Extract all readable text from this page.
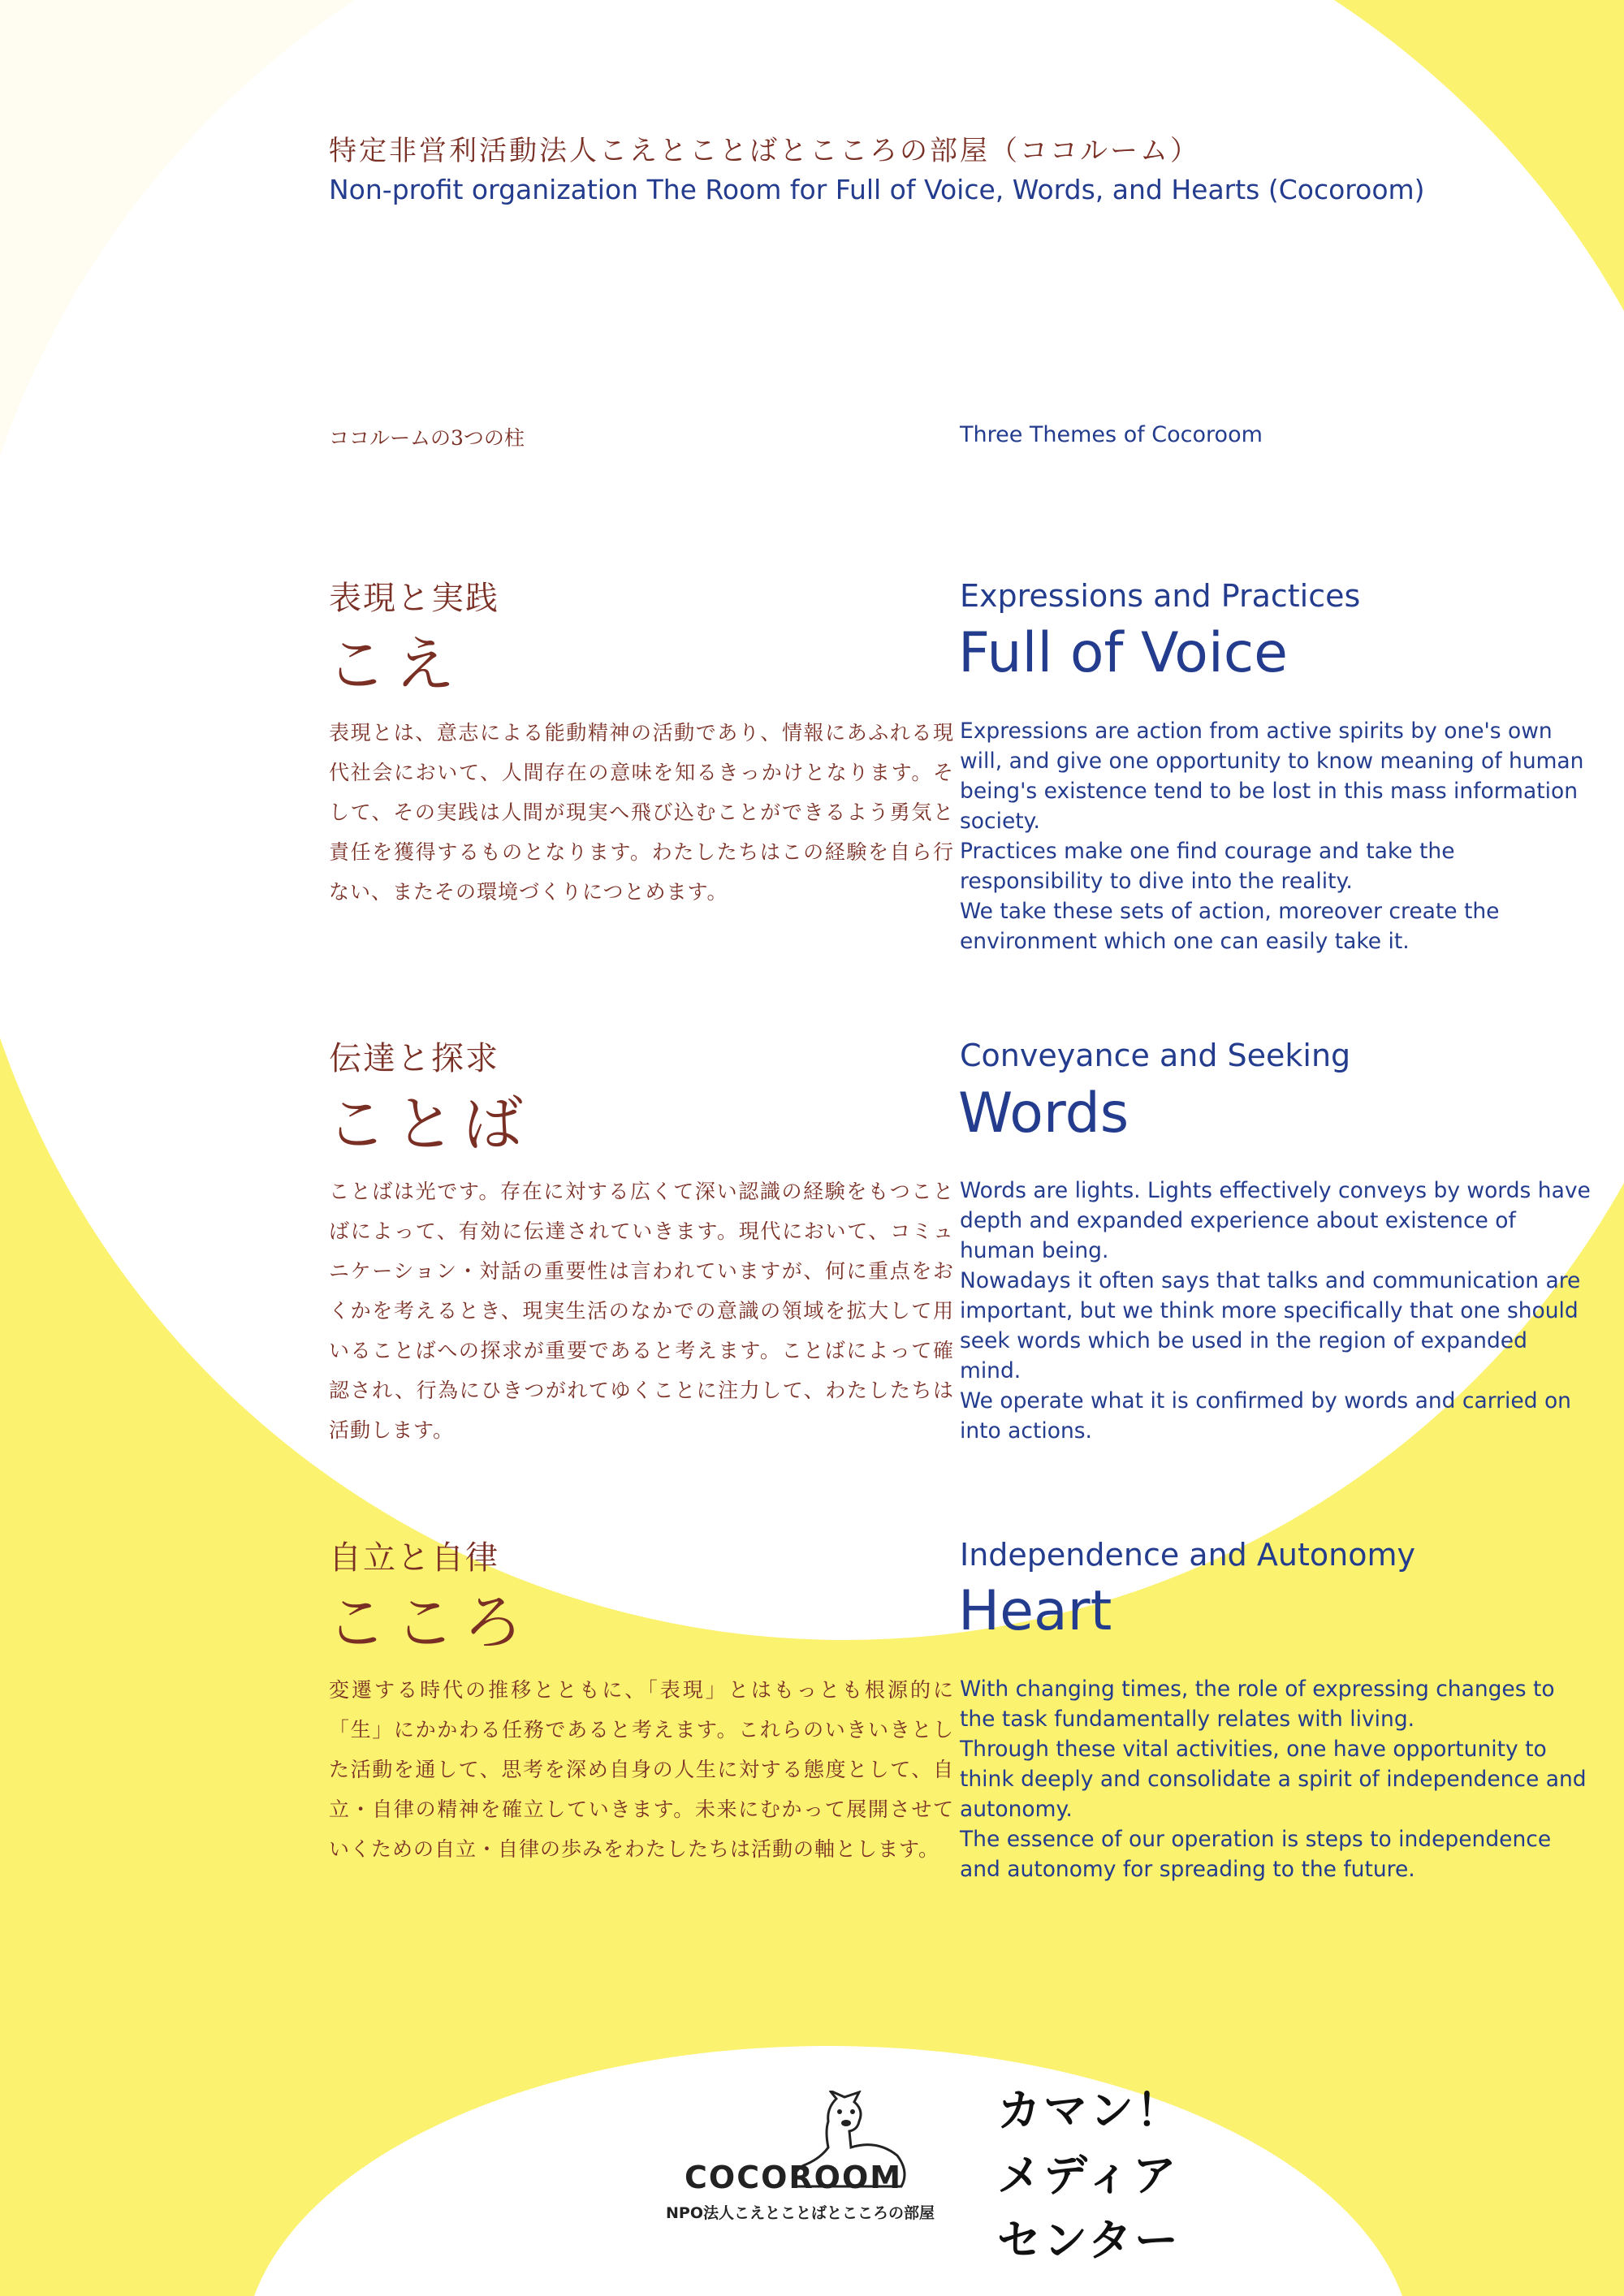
特定非営利活動法人こえとことばとこころの部屋（ココルーム）
Non-profit organization The Room for Full of Voice, Words, and Hearts (Cocoroom)
ココルームの3つの柱	Three Themes of Cocoroom
表現と実践
こえ
Expressions and Practices
Full of Voice
表現とは、意志による能動精神の活動であり、情報にあふれる現代社会において、人間存在の意味を知るきっかけとなります。そして、その実践は人間が現実へ飛び込むことができるよう勇気と責任を獲得するものとなります。わたしたちはこの経験を自ら行ない、またその環境づくりにつとめます。

Expressions are action from active spirits by one's own will, and give one opportunity to know meaning of human being's existence tend to be lost in this mass information society.

Practices make one find courage and take the responsibility to dive into the reality.

We take these sets of action, moreover create the environment which one can easily take it.

伝達と探求
ことば
Conveyance and Seeking
Words
ことばは光です。存在に対する広くて深い認識の経験をもつことばによって、有効に伝達されていきます。現代において、コミュニケーション・対話の重要性は言われていますが、何に重点をおくかを考えるとき、現実生活のなかでの意識の領域を拡大して用いることばへの探求が重要であると考えます。ことばによって確認され、行為にひきつがれてゆくことに注力して、わたしたちは活動します。

Words are lights. Lights effectively conveys by words have depth and expanded experience about existence of human being.

Nowadays it often says that talks and communication are important, but we think more specifically that one should seek words which be used in the region of expanded mind.

We operate what it is confirmed by words and carried on into actions.

自立と自律
こころ
Independence and Autonomy
Heart
変遷する時代の推移とともに、「表現」とはもっとも根源的に「生」にかかわる任務であると考えます。これらのいきいきとした活動を通して、思考を深め自身の人生に対する態度として、自立・自律の精神を確立していきます。未来にむかって展開させていくための自立・自律の歩みをわたしたちは活動の軸とします。

With changing times, the role of expressing changes to the task fundamentally relates with living.

Through these vital activities, one have opportunity to think deeply and consolidate a spirit of independence and autonomy.

The essence of our operation is steps to independence and autonomy for spreading to the future.

COCOROOM
NPO法人こえとことばとこころの部屋
カマン！
メディア
センター
